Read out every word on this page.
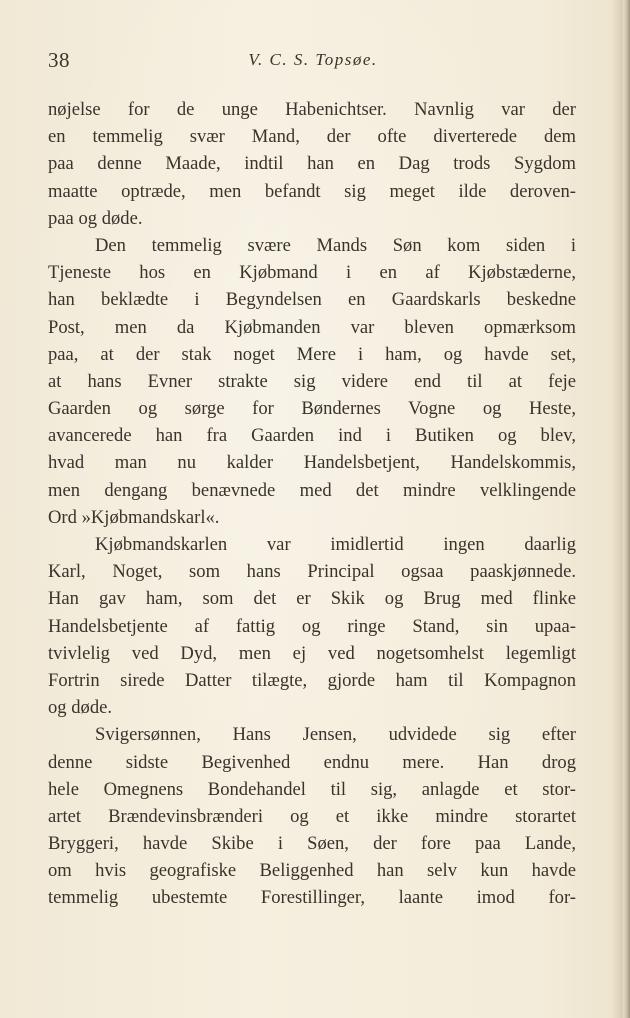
38	V. C. S. Topsøe.
nøjelse for de unge Habenichtser. Navnlig var der
en temmelig svær Mand, der ofte diverterede dem
paa denne Maade, indtil han en Dag trods Sygdom
maatte optræde, men befandt sig meget ilde deroven-
paa og døde.
Den temmelig svære Mands Søn kom siden i
Tjeneste hos en Kjøbmand i en af Kjøbstæderne,
han beklædte i Begyndelsen en Gaardskarls beskedne
Post, men da Kjøbmanden var bleven opmærksom
paa, at der stak noget Mere i ham, og havde set,
at hans Evner strakte sig videre end til at feje
Gaarden og sørge for Bøndernes Vogne og Heste,
avancerede han fra Gaarden ind i Butiken og blev,
hvad man nu kalder Handelsbetjent, Handelskommis,
men dengang benævnede med det mindre velklingende
Ord »Kjøbmandskarl«.
Kjøbmandskarlen var imidlertid ingen daarlig
Karl, Noget, som hans Principal ogsaa paaskjønnede.
Han gav ham, som det er Skik og Brug med flinke
Handelsbetjente af fattig og ringe Stand, sin upaa-
tvivlelig ved Dyd, men ej ved nogetsomhelst legemligt
Fortrin sirede Datter tilægte, gjorde ham til Kompagnon
og døde.
Svigersønnen, Hans Jensen, udvidede sig efter
denne sidste Begivenhed endnu mere. Han drog
hele Omegnens Bondehandel til sig, anlagde et stor-
artet Brændevinsbrænderi og et ikke mindre storartet
Bryggeri, havde Skibe i Søen, der fore paa Lande,
om hvis geografiske Beliggenhed han selv kun havde
temmelig ubestemte Forestillinger, laante imod for-
